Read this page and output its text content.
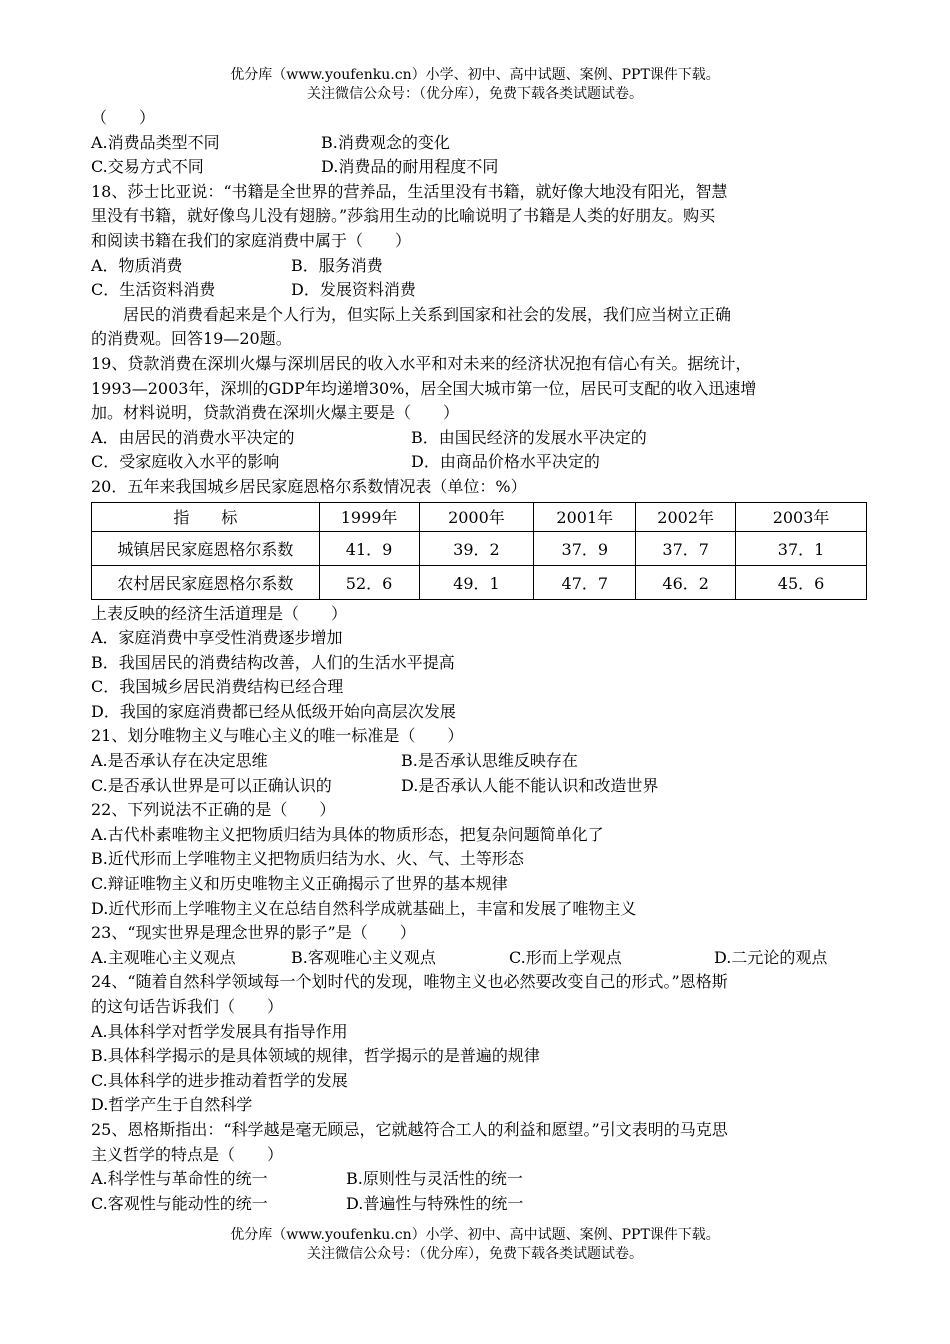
优分库（www.youfenku.cn）小学、初中、高中试题、案例、PPT课件下载。
关注微信公众号：（优分库），免费下载各类试题试卷。
（　　）
A.消费品类型不同	B.消费观念的变化
C.交易方式不同	D.消费品的耐用程度不同
18、莎士比亚说：“书籍是全世界的营养品，生活里没有书籍，就好像大地没有阳光，智慧
里没有书籍，就好像鸟儿没有翅膀。”莎翁用生动的比喻说明了书籍是人类的好朋友。购买
和阅读书籍在我们的家庭消费中属于（　　）
A．物质消费	B．服务消费
C．生活资料消费	D．发展资料消费
居民的消费看起来是个人行为，但实际上关系到国家和社会的发展，我们应当树立正确
的消费观。回答19—20题。
19、贷款消费在深圳火爆与深圳居民的收入水平和对未来的经济状况抱有信心有关。据统计，
1993—2003年，深圳的GDP年均递增30%，居全国大城市第一位，居民可支配的收入迅速增
加。材料说明，贷款消费在深圳火爆主要是（　　）
A．由居民的消费水平决定的	B．由国民经济的发展水平决定的
C．受家庭收入水平的影响	D．由商品价格水平决定的
20．五年来我国城乡居民家庭恩格尔系数情况表（单位：%）
指　　标	1999年	2000年	2001年	2002年	2003年
城镇居民家庭恩格尔系数	41．9	39．2	37．9	37．7	37．1
农村居民家庭恩格尔系数	52．6	49．1	47．7	46．2	45．6
上表反映的经济生活道理是（　　）
A．家庭消费中享受性消费逐步增加
B．我国居民的消费结构改善，人们的生活水平提高
C．我国城乡居民消费结构已经合理
D．我国的家庭消费都已经从低级开始向高层次发展
21、划分唯物主义与唯心主义的唯一标准是（　　）
A.是否承认存在决定思维	B.是否承认思维反映存在
C.是否承认世界是可以正确认识的	D.是否承认人能不能认识和改造世界
22、下列说法不正确的是（　　）
A.古代朴素唯物主义把物质归结为具体的物质形态，把复杂问题简单化了
B.近代形而上学唯物主义把物质归结为水、火、气、土等形态
C.辩证唯物主义和历史唯物主义正确揭示了世界的基本规律
D.近代形而上学唯物主义在总结自然科学成就基础上，丰富和发展了唯物主义
23、“现实世界是理念世界的影子”是（　　）
A.主观唯心主义观点	B.客观唯心主义观点	C.形而上学观点	D.二元论的观点
24、“随着自然科学领域每一个划时代的发现，唯物主义也必然要改变自己的形式。”恩格斯
的这句话告诉我们（　　）
A.具体科学对哲学发展具有指导作用
B.具体科学揭示的是具体领域的规律，哲学揭示的是普遍的规律
C.具体科学的进步推动着哲学的发展
D.哲学产生于自然科学
25、恩格斯指出：“科学越是毫无顾忌，它就越符合工人的利益和愿望。”引文表明的马克思
主义哲学的特点是（　　）
A.科学性与革命性的统一	B.原则性与灵活性的统一
C.客观性与能动性的统一	D.普遍性与特殊性的统一
优分库（www.youfenku.cn）小学、初中、高中试题、案例、PPT课件下载。
关注微信公众号：（优分库），免费下载各类试题试卷。
